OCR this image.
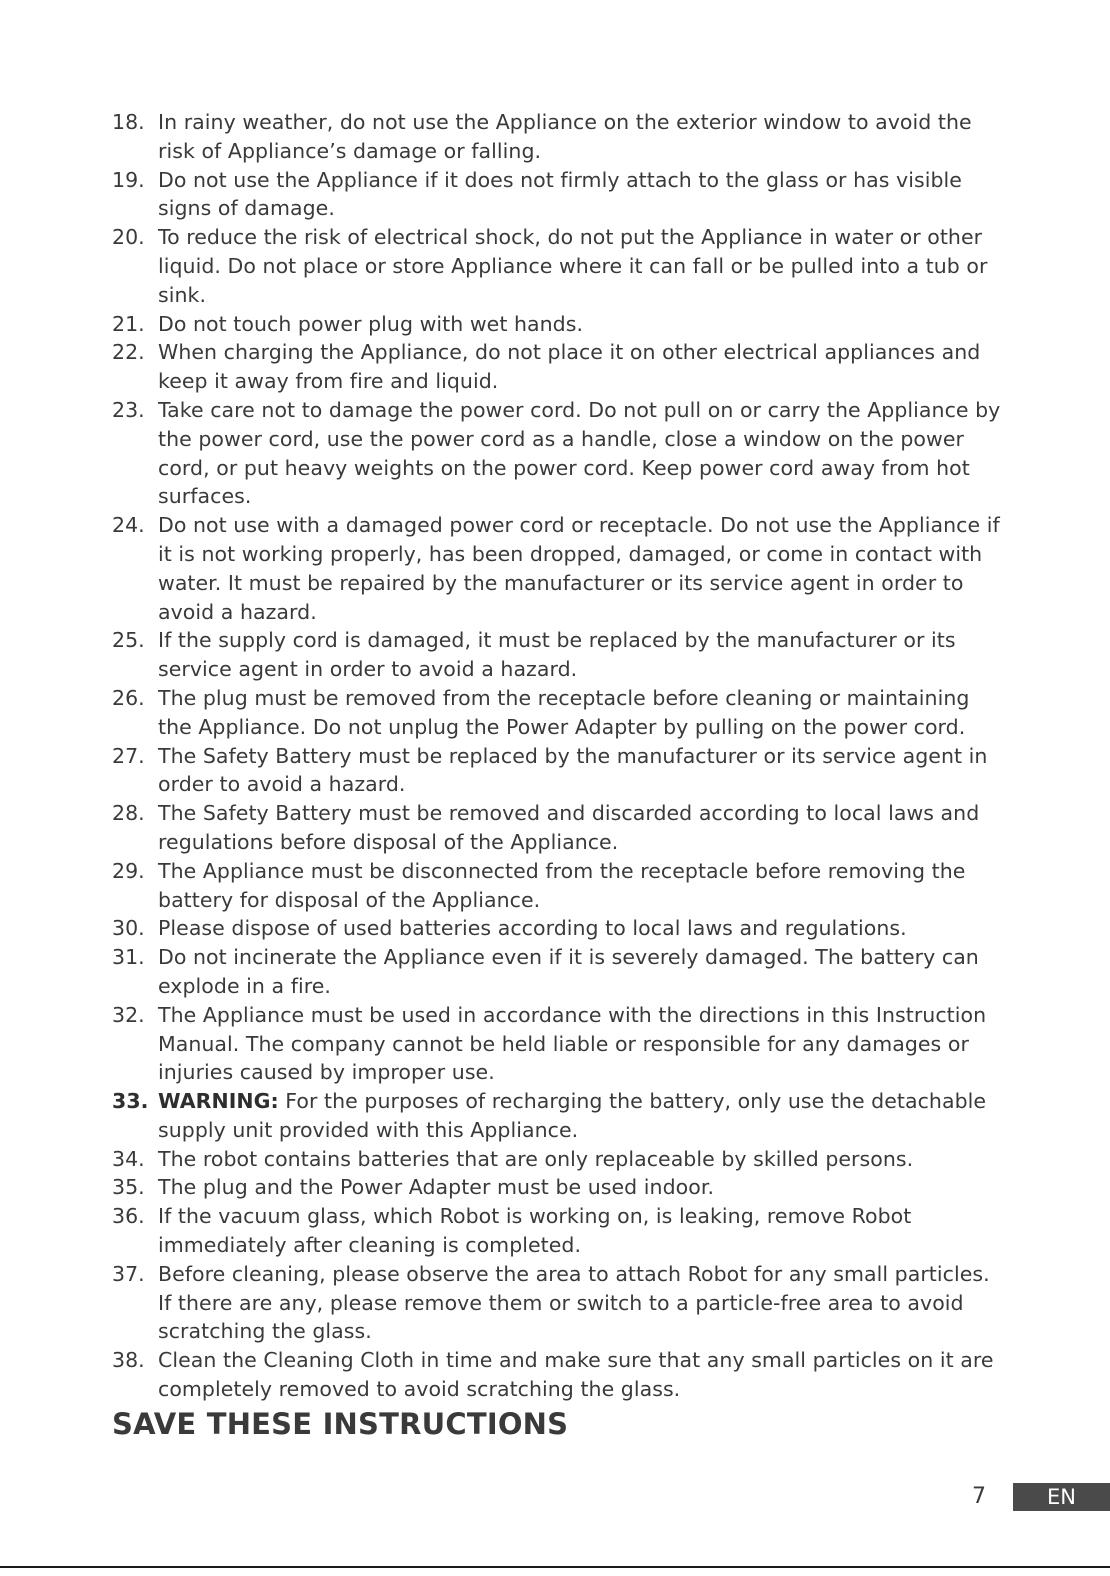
18. In rainy weather, do not use the Appliance on the exterior window to avoid the risk of Appliance’s damage or falling.
19. Do not use the Appliance if it does not firmly attach to the glass or has visible signs of damage.
20. To reduce the risk of electrical shock, do not put the Appliance in water or other liquid. Do not place or store Appliance where it can fall or be pulled into a tub or sink.
21. Do not touch power plug with wet hands.
22. When charging the Appliance, do not place it on other electrical appliances and keep it away from fire and liquid.
23. Take care not to damage the power cord. Do not pull on or carry the Appliance by the power cord, use the power cord as a handle, close a window on the power cord, or put heavy weights on the power cord. Keep power cord away from hot surfaces.
24. Do not use with a damaged power cord or receptacle. Do not use the Appliance if it is not working properly, has been dropped, damaged, or come in contact with water. It must be repaired by the manufacturer or its service agent in order to avoid a hazard.
25. If the supply cord is damaged, it must be replaced by the manufacturer or its service agent in order to avoid a hazard.
26. The plug must be removed from the receptacle before cleaning or maintaining the Appliance. Do not unplug the Power Adapter by pulling on the power cord.
27. The Safety Battery must be replaced by the manufacturer or its service agent in order to avoid a hazard.
28. The Safety Battery must be removed and discarded according to local laws and regulations before disposal of the Appliance.
29. The Appliance must be disconnected from the receptacle before removing the battery for disposal of the Appliance.
30. Please dispose of used batteries according to local laws and regulations.
31. Do not incinerate the Appliance even if it is severely damaged. The battery can explode in a fire.
32. The Appliance must be used in accordance with the directions in this Instruction Manual. The company cannot be held liable or responsible for any damages or injuries caused by improper use.
33. WARNING: For the purposes of recharging the battery, only use the detachable supply unit provided with this Appliance.
34. The robot contains batteries that are only replaceable by skilled persons.
35. The plug and the Power Adapter must be used indoor.
36. If the vacuum glass, which Robot is working on, is leaking, remove Robot immediately after cleaning is completed.
37. Before cleaning, please observe the area to attach Robot for any small particles. If there are any, please remove them or switch to a particle-free area to avoid scratching the glass.
38. Clean the Cleaning Cloth in time and make sure that any small particles on it are completely removed to avoid scratching the glass.
SAVE THESE INSTRUCTIONS
7	EN
